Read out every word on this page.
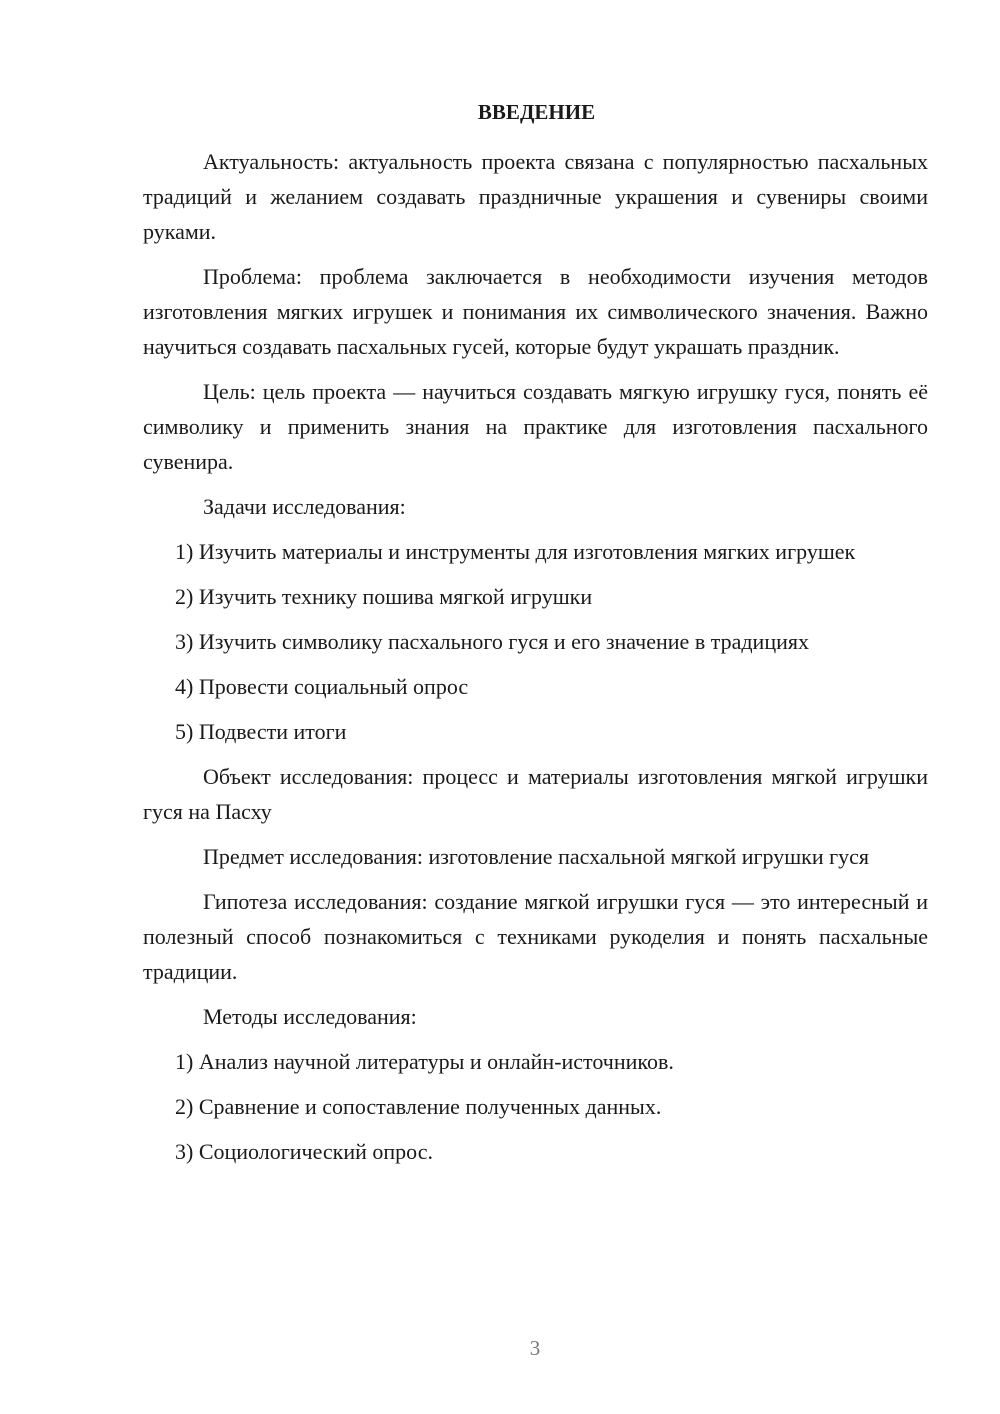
ВВЕДЕНИЕ
Актуальность: актуальность проекта связана с популярностью пасхальных традиций и желанием создавать праздничные украшения и сувениры своими руками.
Проблема: проблема заключается в необходимости изучения методов изготовления мягких игрушек и понимания их символического значения. Важно научиться создавать пасхальных гусей, которые будут украшать праздник.
Цель: цель проекта — научиться создавать мягкую игрушку гуся, понять её символику и применить знания на практике для изготовления пасхального сувенира.
Задачи исследования:
1) Изучить материалы и инструменты для изготовления мягких игрушек
2) Изучить технику пошива мягкой игрушки
3) Изучить символику пасхального гуся и его значение в традициях
4) Провести социальный опрос
5) Подвести итоги
Объект исследования: процесс и материалы изготовления мягкой игрушки гуся на Пасху
Предмет исследования: изготовление пасхальной мягкой игрушки гуся
Гипотеза исследования: создание мягкой игрушки гуся — это интересный и полезный способ познакомиться с техниками рукоделия и понять пасхальные традиции.
Методы исследования:
1) Анализ научной литературы и онлайн-источников.
2) Сравнение и сопоставление полученных данных.
3) Социологический опрос.
3
